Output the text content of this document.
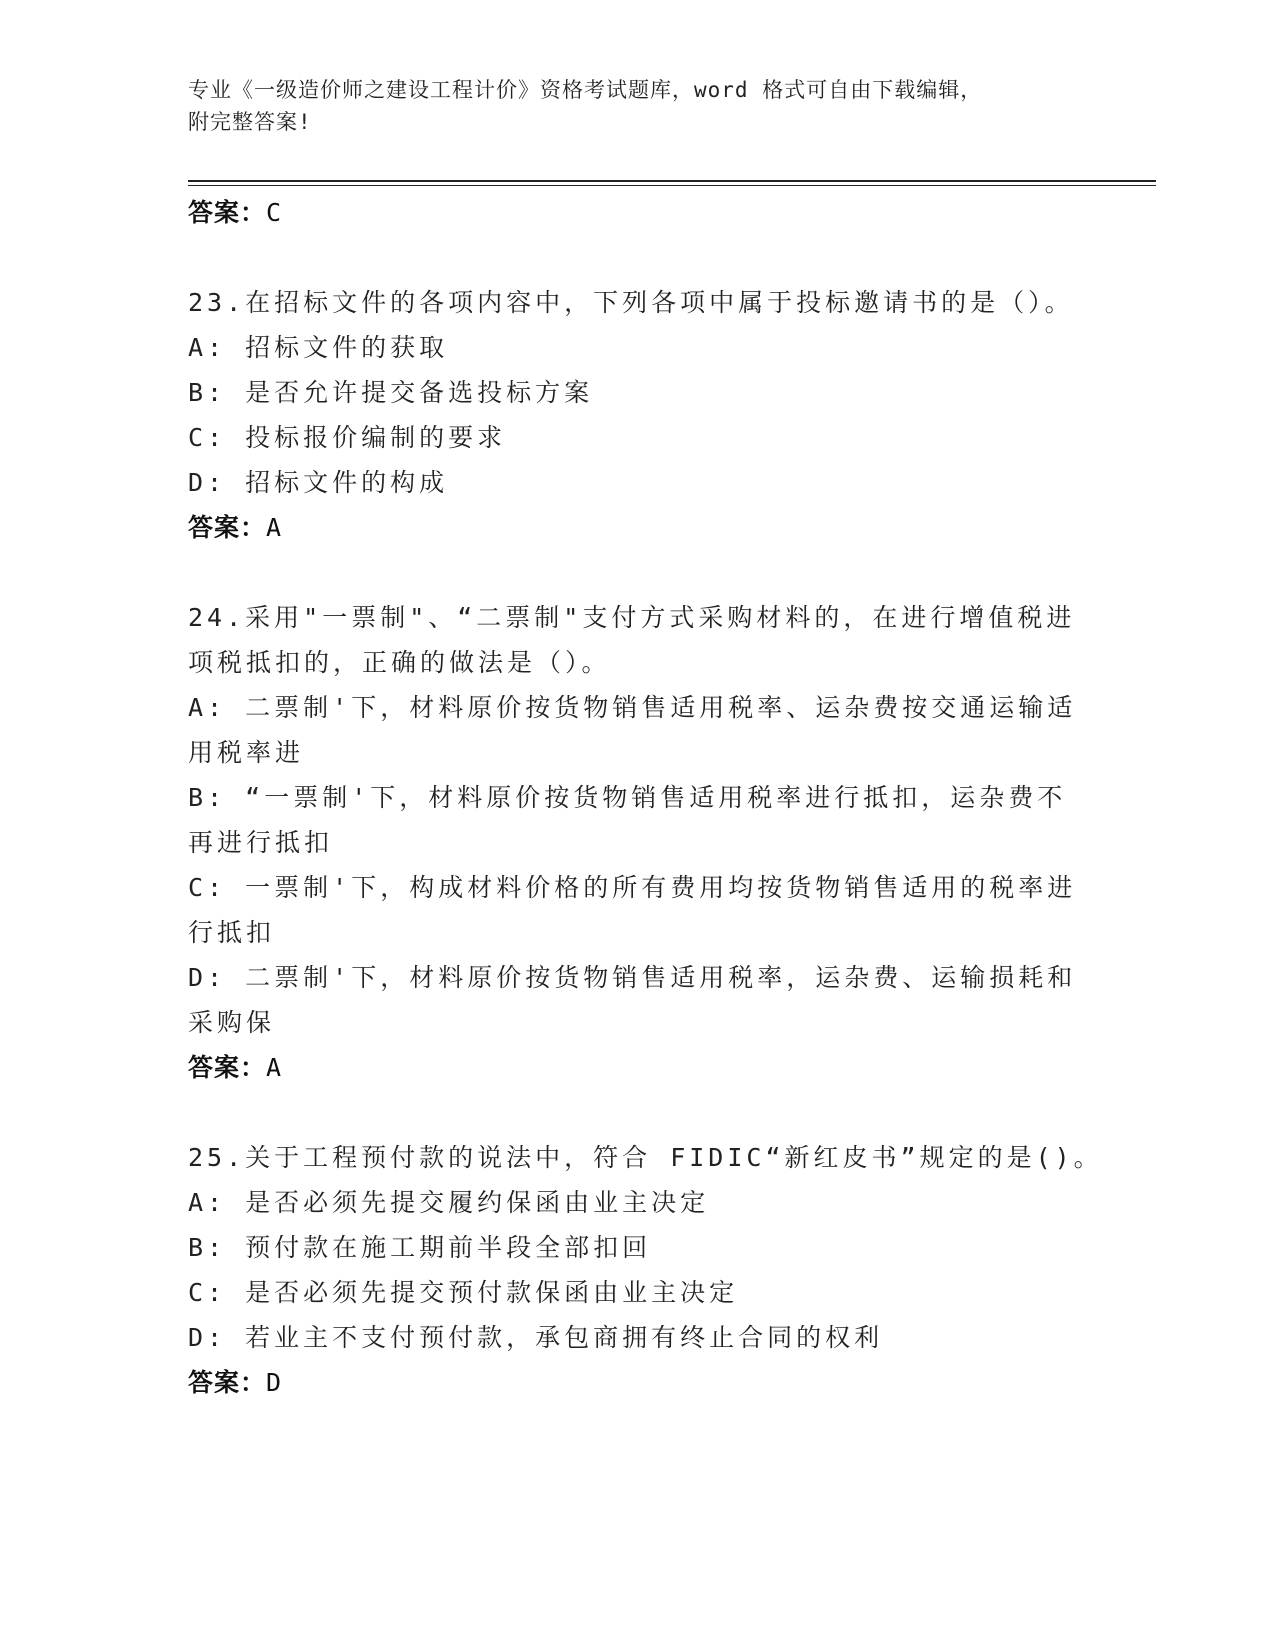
专业《一级造价师之建设工程计价》资格考试题库，word 格式可自由下载编辑，
附完整答案!
答案：C
23.在招标文件的各项内容中，下列各项中属于投标邀请书的是（）。
A: 招标文件的获取
B: 是否允许提交备选投标方案
C: 投标报价编制的要求
D: 招标文件的构成
答案：A
24.采用"一票制"、“二票制"支付方式采购材料的，在进行增值税进
项税抵扣的，正确的做法是（）。
A: 二票制'下，材料原价按货物销售适用税率、运杂费按交通运输适
用税率进
B: “一票制'下，材料原价按货物销售适用税率进行抵扣，运杂费不
再进行抵扣
C: 一票制'下，构成材料价格的所有费用均按货物销售适用的税率进
行抵扣
D: 二票制'下，材料原价按货物销售适用税率，运杂费、运输损耗和
采购保
答案：A
25.关于工程预付款的说法中，符合 FIDIC“新红皮书”规定的是()。
A: 是否必须先提交履约保函由业主决定
B: 预付款在施工期前半段全部扣回
C: 是否必须先提交预付款保函由业主决定
D: 若业主不支付预付款，承包商拥有终止合同的权利
答案：D
